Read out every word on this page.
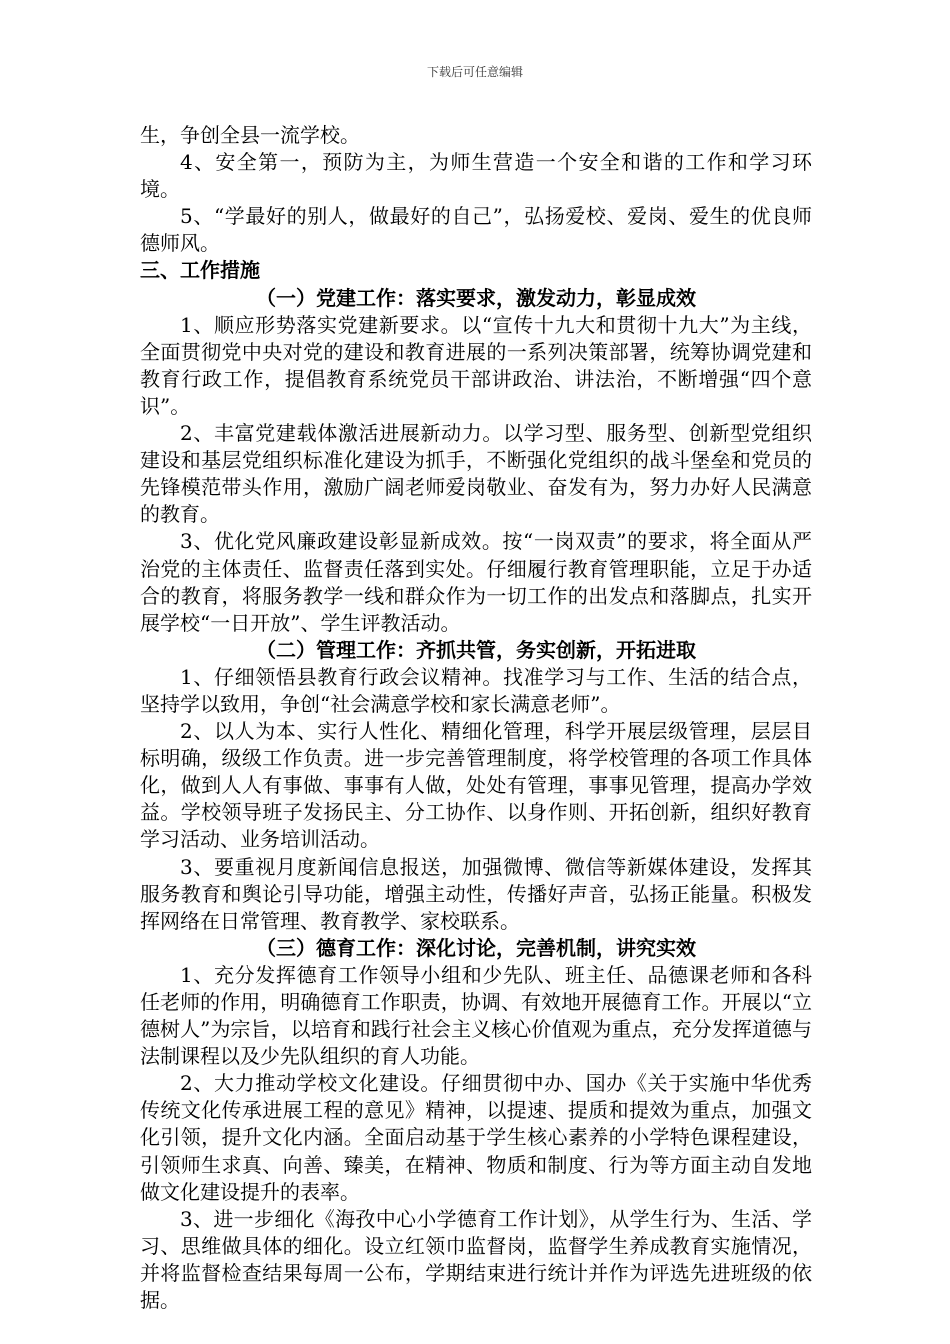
下载后可任意编辑

生，争创全县一流学校。

4、安全第一，预防为主，为师生营造一个安全和谐的工作和学习环境。

5、“学最好的别人，做最好的自己”，弘扬爱校、爱岗、爱生的优良师德师风。

三、工作措施

（一）党建工作：落实要求，激发动力，彰显成效

1、顺应形势落实党建新要求。以“宣传十九大和贯彻十九大”为主线，全面贯彻党中央对党的建设和教育进展的一系列决策部署，统筹协调党建和教育行政工作，提倡教育系统党员干部讲政治、讲法治，不断增强“四个意识”。

2、丰富党建载体激活进展新动力。以学习型、服务型、创新型党组织建设和基层党组织标准化建设为抓手，不断强化党组织的战斗堡垒和党员的先锋模范带头作用，激励广阔老师爱岗敬业、奋发有为，努力办好人民满意的教育。

3、优化党风廉政建设彰显新成效。按“一岗双责”的要求，将全面从严治党的主体责任、监督责任落到实处。仔细履行教育管理职能，立足于办适合的教育，将服务教学一线和群众作为一切工作的出发点和落脚点，扎实开展学校“一日开放”、学生评教活动。

（二）管理工作：齐抓共管，务实创新，开拓进取

1、仔细领悟县教育行政会议精神。找准学习与工作、生活的结合点，坚持学以致用，争创“社会满意学校和家长满意老师”。

2、以人为本、实行人性化、精细化管理，科学开展层级管理，层层目标明确，级级工作负责。进一步完善管理制度，将学校管理的各项工作具体化，做到人人有事做、事事有人做，处处有管理，事事见管理，提高办学效益。学校领导班子发扬民主、分工协作、以身作则、开拓创新，组织好教育学习活动、业务培训活动。

3、要重视月度新闻信息报送，加强微博、微信等新媒体建设，发挥其服务教育和舆论引导功能，增强主动性，传播好声音，弘扬正能量。积极发挥网络在日常管理、教育教学、家校联系。

（三）德育工作：深化讨论，完善机制，讲究实效

1、充分发挥德育工作领导小组和少先队、班主任、品德课老师和各科任老师的作用，明确德育工作职责，协调、有效地开展德育工作。开展以“立德树人”为宗旨，以培育和践行社会主义核心价值观为重点，充分发挥道德与法制课程以及少先队组织的育人功能。

2、大力推动学校文化建设。仔细贯彻中办、国办《关于实施中华优秀传统文化传承进展工程的意见》精神，以提速、提质和提效为重点，加强文化引领，提升文化内涵。全面启动基于学生核心素养的小学特色课程建设，引领师生求真、向善、臻美，在精神、物质和制度、行为等方面主动自发地做文化建设提升的表率。

3、进一步细化《海孜中心小学德育工作计划》，从学生行为、生活、学习、思维做具体的细化。设立红领巾监督岗，监督学生养成教育实施情况，并将监督检查结果每周一公布，学期结束进行统计并作为评选先进班级的依据。
